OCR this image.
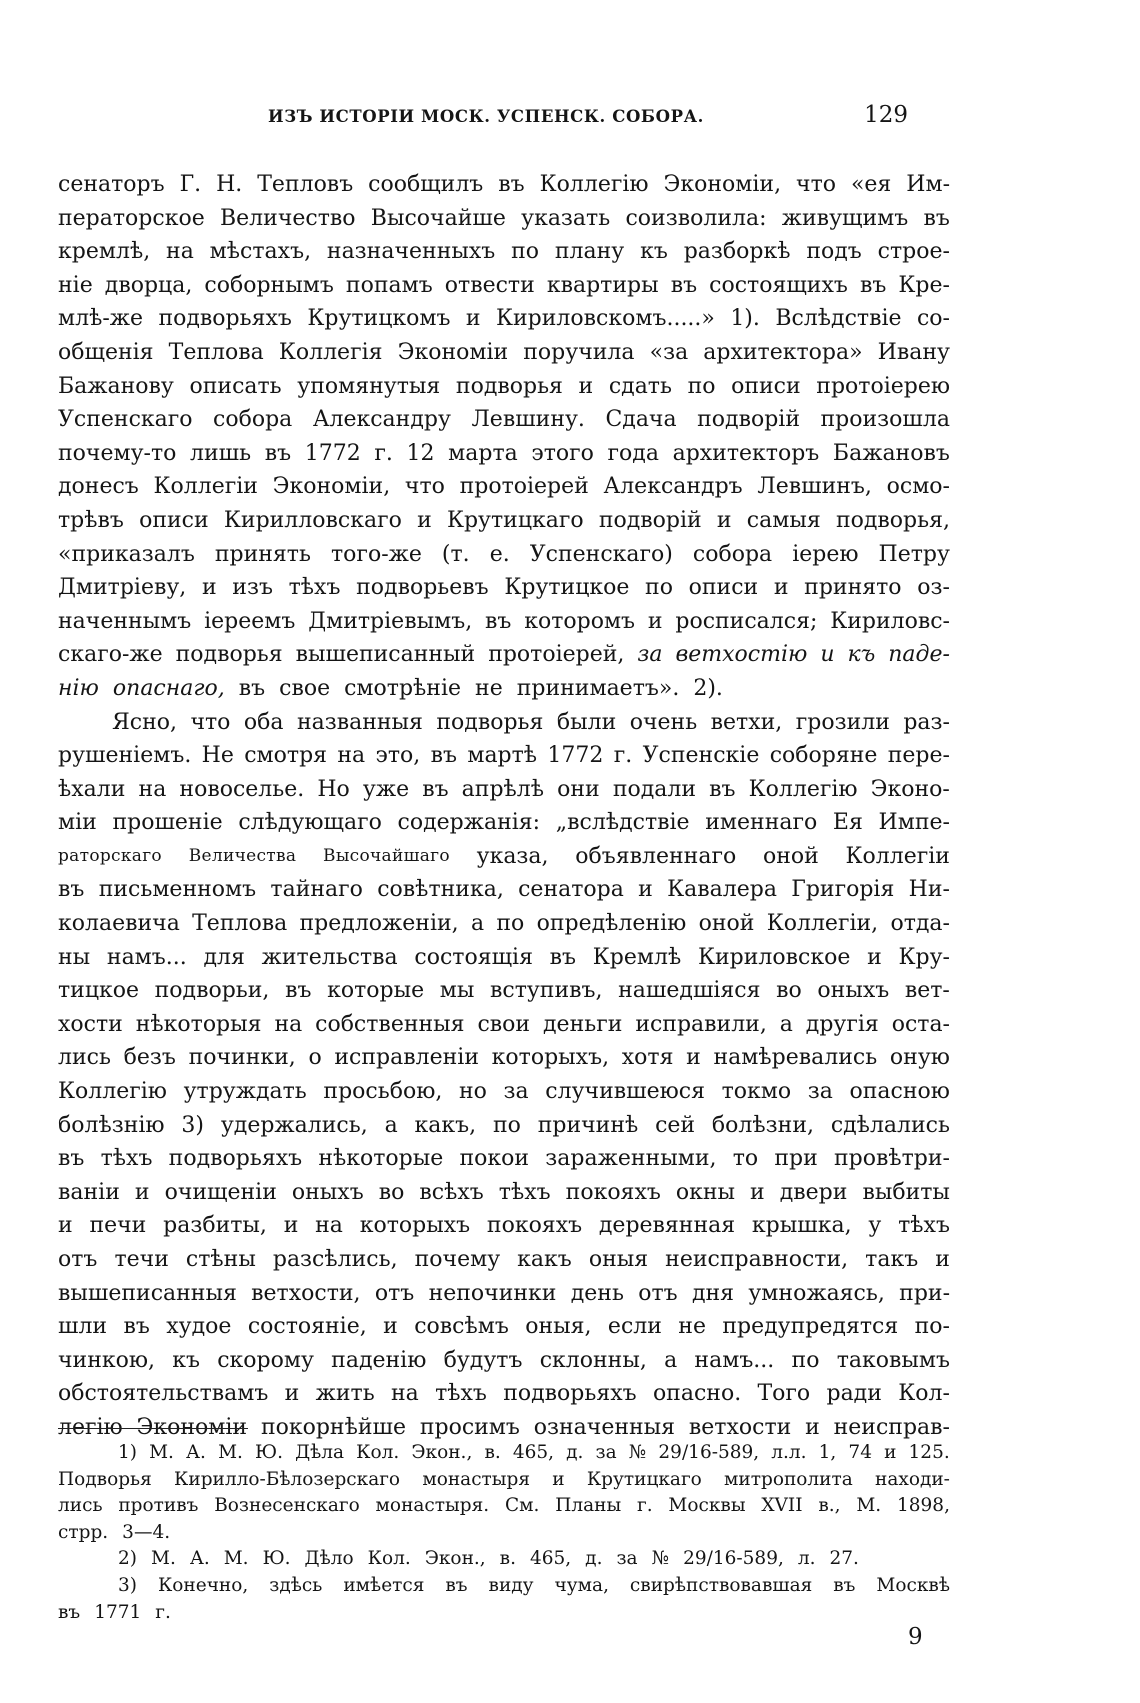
ИЗЪ ИСТОРІИ МОСК. УСПЕНСК. СОБОРА.	129
сенаторъ Г. Н. Тепловъ сообщилъ въ Коллегію Экономіи, что «ея Им-
ператорское Величество Высочайше указать соизволила: живущимъ въ
кремлѣ, на мѣстахъ, назначенныхъ по плану къ разборкѣ подъ строе-
ніе дворца, соборнымъ попамъ отвести квартиры въ состоящихъ въ Кре-
млѣ-же подворьяхъ Крутицкомъ и Кириловскомъ.....» 1). Вслѣдствіе со-
общенія Теплова Коллегія Экономіи поручила «за архитектора» Ивану
Бажанову описать упомянутыя подворья и сдать по описи протоіерею
Успенскаго собора Александру Левшину. Сдача подворій произошла
почему-то лишь въ 1772 г. 12 марта этого года архитекторъ Бажановъ
донесъ Коллегіи Экономіи, что протоіерей Александръ Левшинъ, осмо-
трѣвъ описи Кирилловскаго и Крутицкаго подворій и самыя подворья,
«приказалъ принять того-же (т. е. Успенскаго) собора іерею Петру
Дмитріеву, и изъ тѣхъ подворьевъ Крутицкое по описи и принято оз-
наченнымъ іереемъ Дмитріевымъ, въ которомъ и росписался; Кириловс-
скаго-же подворья вышеписанный протоіерей, за ветхостію и къ паде-
нію опаснаго, въ свое смотрѣніе не принимаетъ». 2).
Ясно, что оба названныя подворья были очень ветхи, грозили раз-
рушеніемъ. Не смотря на это, въ мартѣ 1772 г. Успенскіе соборяне пере-
ѣхали на новоселье. Но уже въ апрѣлѣ они подали въ Коллегію Эконо-
міи прошеніе слѣдующаго содержанія: „вслѣдствіе именнаго Ея Импе-
раторскаго Величества Высочайшаго указа, объявленнаго оной Коллегіи
въ письменномъ тайнаго совѣтника, сенатора и Кавалера Григорія Ни-
колаевича Теплова предложеніи, а по опредѣленію оной Коллегіи, отда-
ны намъ... для жительства состоящія въ Кремлѣ Кириловское и Кру-
тицкое подворьи, въ которые мы вступивъ, нашедшіяся во оныхъ вет-
хости нѣкоторыя на собственныя свои деньги исправили, а другія оста-
лись безъ починки, о исправленіи которыхъ, хотя и намѣревались оную
Коллегію утруждать просьбою, но за случившеюся токмо за опасною
болѣзнію 3) удержались, а какъ, по причинѣ сей болѣзни, сдѣлались
въ тѣхъ подворьяхъ нѣкоторые покои зараженными, то при провѣтри-
ваніи и очищеніи оныхъ во всѣхъ тѣхъ покояхъ окны и двери выбиты
и печи разбиты, и на которыхъ покояхъ деревянная крышка, у тѣхъ
отъ течи стѣны разсѣлись, почему какъ оныя неисправности, такъ и
вышеписанныя ветхости, отъ непочинки день отъ дня умножаясь, при-
шли въ худое состояніе, и совсѣмъ оныя, если не предупредятся по-
чинкою, къ скорому паденію будутъ склонны, а намъ... по таковымъ
обстоятельствамъ и жить на тѣхъ подворьяхъ опасно. Того ради Кол-
легію Экономіи покорнѣйше просимъ означенныя ветхости и неиспрaв-
1) М. А. М. Ю. Дѣла Кол. Экон., в. 465, д. за № 29/16-589, л.л. 1, 74 и 125.
Подворья Кирилло-Бѣлозерскаго монастыря и Крутицкаго митрополита находи-
лись противъ Вознесенскаго монастыря. См. Планы г. Москвы XVII в., М. 1898,
стрр. 3—4.
2) М. А. М. Ю. Дѣло Кол. Экон., в. 465, д. за № 29/16-589, л. 27.
3) Конечно, здѣсь имѣется въ виду чума, свирѣпствовавшая въ Москвѣ
въ 1771 г.
9
